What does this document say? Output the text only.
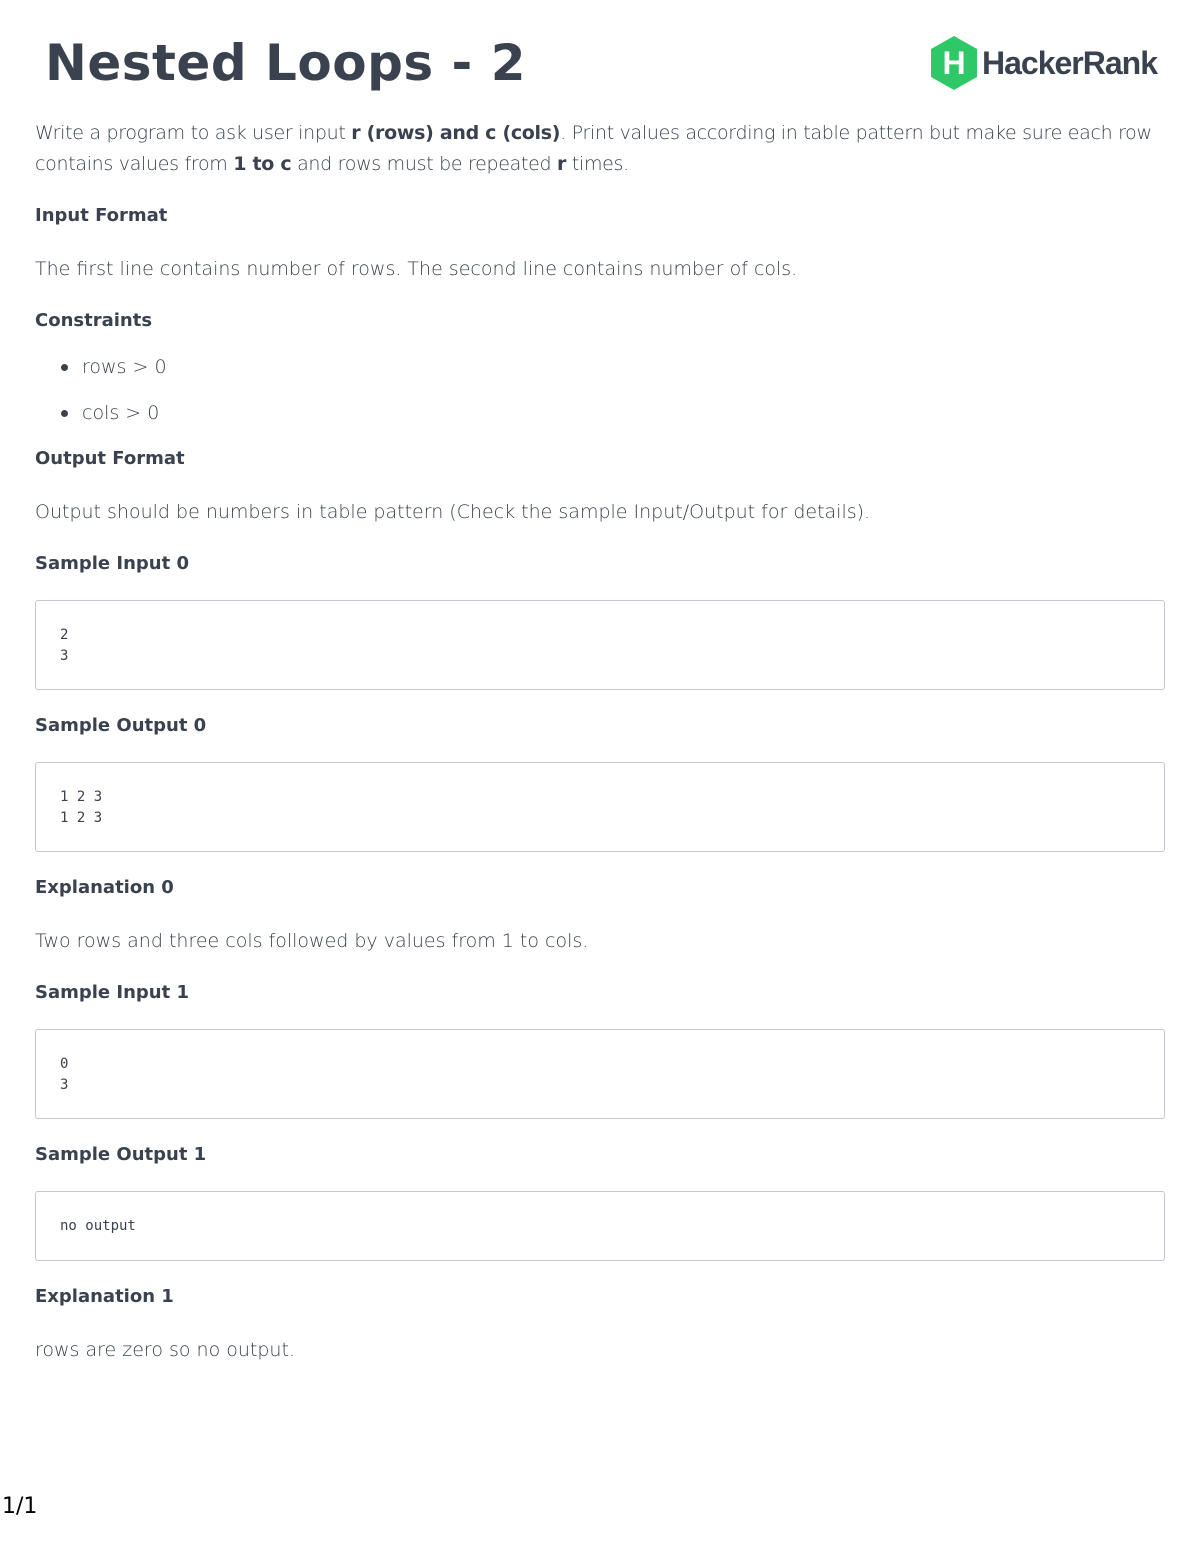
Nested Loops - 2	H HackerRank

Write a program to ask user input r (rows) and c (cols). Print values according in table pattern but make sure each row contains values from 1 to c and rows must be repeated r times.

Input Format

The first line contains number of rows. The second line contains number of cols.

Constraints
rows > 0
cols > 0
Output Format

Output should be numbers in table pattern (Check the sample Input/Output for details).

Sample Input 0
2
3
Sample Output 0
1 2 3
1 2 3
Explanation 0

Two rows and three cols followed by values from 1 to cols.

Sample Input 1
0
3
Sample Output 1
no output
Explanation 1

rows are zero so no output.

1/1
